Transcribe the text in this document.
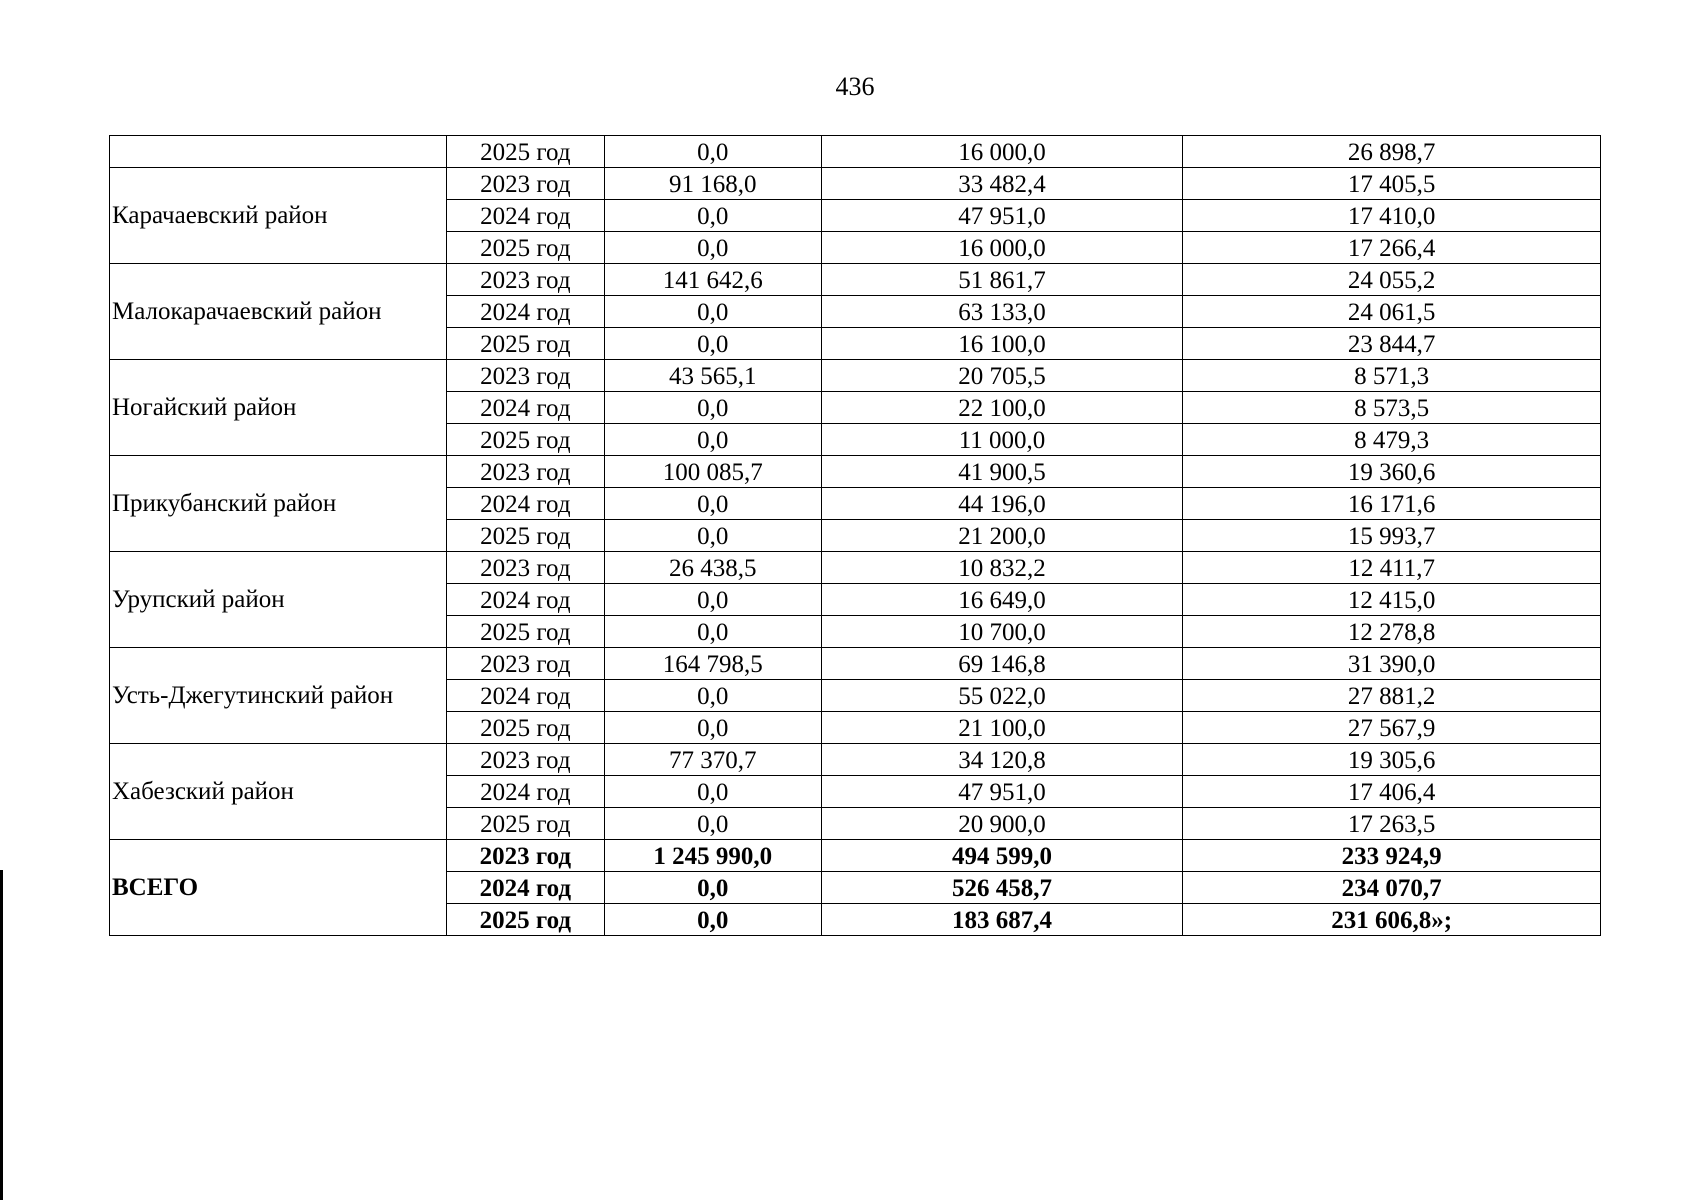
436
	2025 год	0,0	16 000,0	26 898,7
Карачаевский район	2023 год	91 168,0	33 482,4	17 405,5
	2024 год	0,0	47 951,0	17 410,0
	2025 год	0,0	16 000,0	17 266,4
Малокарачаевский район	2023 год	141 642,6	51 861,7	24 055,2
	2024 год	0,0	63 133,0	24 061,5
	2025 год	0,0	16 100,0	23 844,7
Ногайский район	2023 год	43 565,1	20 705,5	8 571,3
	2024 год	0,0	22 100,0	8 573,5
	2025 год	0,0	11 000,0	8 479,3
Прикубанский район	2023 год	100 085,7	41 900,5	19 360,6
	2024 год	0,0	44 196,0	16 171,6
	2025 год	0,0	21 200,0	15 993,7
Урупский район	2023 год	26 438,5	10 832,2	12 411,7
	2024 год	0,0	16 649,0	12 415,0
	2025 год	0,0	10 700,0	12 278,8
Усть-Джегутинский район	2023 год	164 798,5	69 146,8	31 390,0
	2024 год	0,0	55 022,0	27 881,2
	2025 год	0,0	21 100,0	27 567,9
Хабезский район	2023 год	77 370,7	34 120,8	19 305,6
	2024 год	0,0	47 951,0	17 406,4
	2025 год	0,0	20 900,0	17 263,5
ВСЕГО	2023 год	1 245 990,0	494 599,0	233 924,9
	2024 год	0,0	526 458,7	234 070,7
	2025 год	0,0	183 687,4	231 606,8»;
